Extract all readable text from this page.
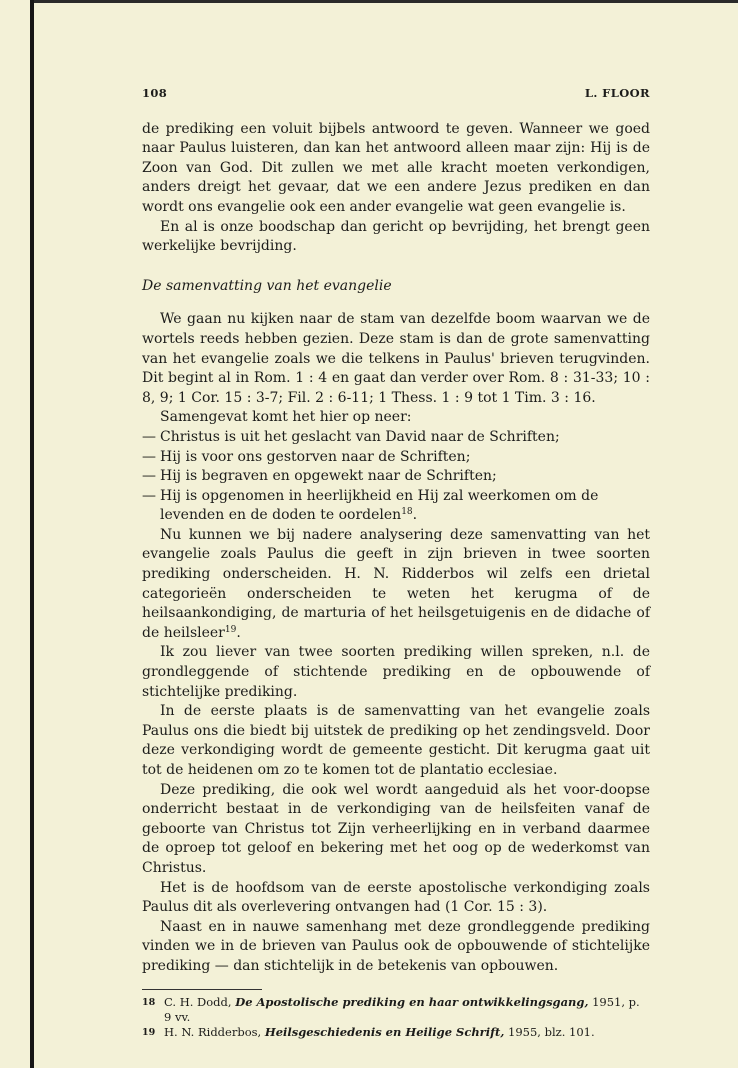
108	L. FLOOR

de prediking een voluit bijbels antwoord te geven. Wanneer we goed naar Paulus luisteren, dan kan het antwoord alleen maar zijn: Hij is de Zoon van God. Dit zullen we met alle kracht moeten verkondigen, anders dreigt het gevaar, dat we een andere Jezus prediken en dan wordt ons evangelie ook een ander evangelie wat geen evangelie is.

En al is onze boodschap dan gericht op bevrijding, het brengt geen werkelijke bevrijding.

De samenvatting van het evangelie

We gaan nu kijken naar de stam van dezelfde boom waarvan we de wortels reeds hebben gezien. Deze stam is dan de grote samenvatting van het evangelie zoals we die telkens in Paulus' brieven terugvinden. Dit begint al in Rom. 1 : 4 en gaat dan verder over Rom. 8 : 31-33; 10 : 8, 9; 1 Cor. 15 : 3-7; Fil. 2 : 6-11; 1 Thess. 1 : 9 tot 1 Tim. 3 : 16.

Samengevat komt het hier op neer:

— Christus is uit het geslacht van David naar de Schriften;
— Hij is voor ons gestorven naar de Schriften;
— Hij is begraven en opgewekt naar de Schriften;
— Hij is opgenomen in heerlijkheid en Hij zal weerkomen om de levenden en de doden te oordelen$^{18}$.

Nu kunnen we bij nadere analysering deze samenvatting van het evangelie zoals Paulus die geeft in zijn brieven in twee soorten prediking onderscheiden. H. N. Ridderbos wil zelfs een drietal categorieën onderscheiden te weten het kerugma of de heilsaankondiging, de marturia of het heilsgetuigenis en de didache of de heilsleer$^{19}$.

Ik zou liever van twee soorten prediking willen spreken, n.l. de grondleggende of stichtende prediking en de opbouwende of stichtelijke prediking.

In de eerste plaats is de samenvatting van het evangelie zoals Paulus ons die biedt bij uitstek de prediking op het zendingsveld. Door deze verkondiging wordt de gemeente gesticht. Dit kerugma gaat uit tot de heidenen om zo te komen tot de plantatio ecclesiae.

Deze prediking, die ook wel wordt aangeduid als het voor-doopse onderricht bestaat in de verkondiging van de heilsfeiten vanaf de geboorte van Christus tot Zijn verheerlijking en in verband daarmee de oproep tot geloof en bekering met het oog op de wederkomst van Christus.

Het is de hoofdsom van de eerste apostolische verkondiging zoals Paulus dit als overlevering ontvangen had (1 Cor. 15 : 3).

Naast en in nauwe samenhang met deze grondleggende prediking vinden we in de brieven van Paulus ook de opbouwende of stichtelijke prediking — dan stichtelijk in de betekenis van opbouwen.

18 C. H. Dodd, De Apostolische prediking en haar ontwikkelingsgang, 1951, p. 9 vv.
19 H. N. Ridderbos, Heilsgeschiedenis en Heilige Schrift, 1955, blz. 101.
